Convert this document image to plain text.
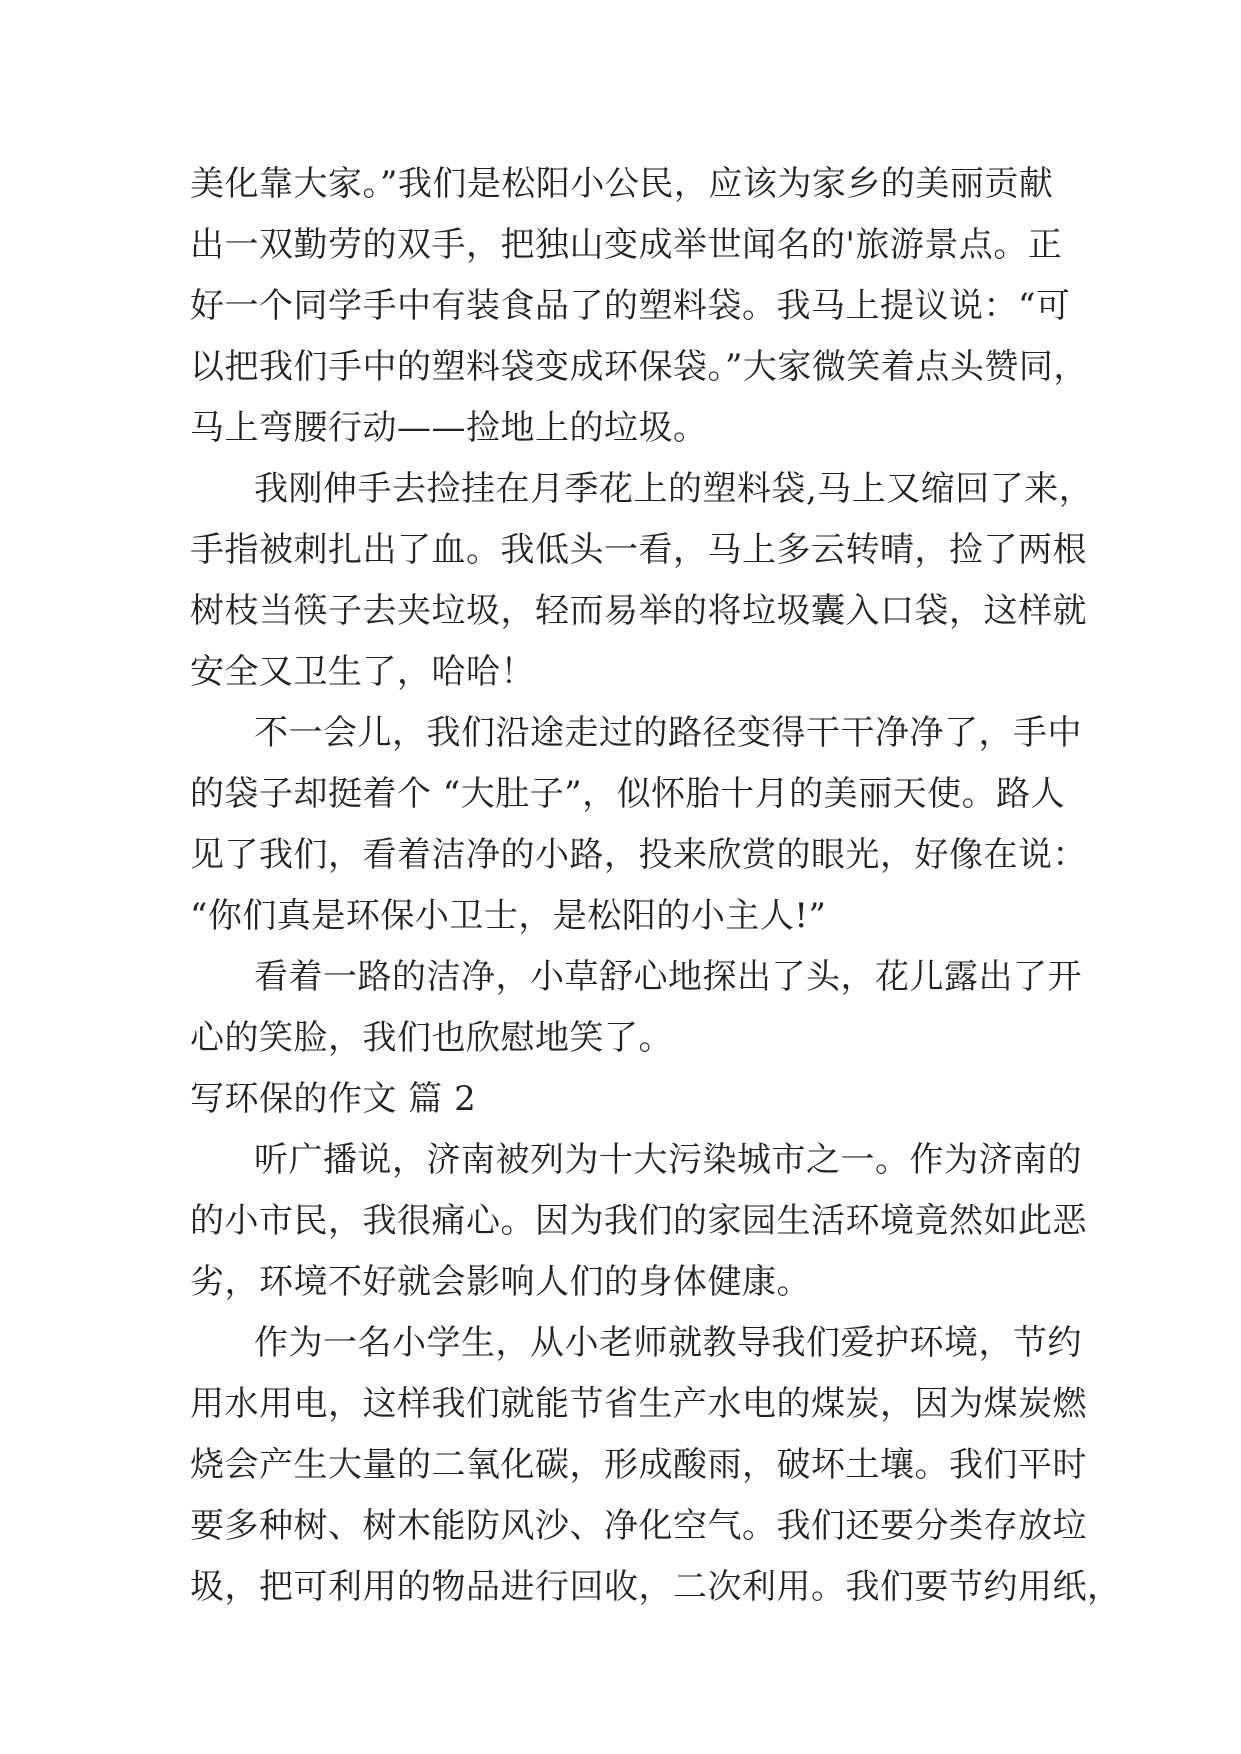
美化靠大家。”我们是松阳小公民，应该为家乡的美丽贡献
出一双勤劳的双手，把独山变成举世闻名的'旅游景点。正
好一个同学手中有装食品了的塑料袋。我马上提议说：“可
以把我们手中的塑料袋变成环保袋。”大家微笑着点头赞同，
马上弯腰行动——捡地上的垃圾。
我刚伸手去捡挂在月季花上的塑料袋,马上又缩回了来，
手指被刺扎出了血。我低头一看，马上多云转晴，捡了两根
树枝当筷子去夹垃圾，轻而易举的将垃圾囊入口袋，这样就
安全又卫生了，哈哈！
不一会儿，我们沿途走过的路径变得干干净净了，手中
的袋子却挺着个 “大肚子”，似怀胎十月的美丽天使。路人
见了我们，看着洁净的小路，投来欣赏的眼光，好像在说：
“你们真是环保小卫士，是松阳的小主人!”
看着一路的洁净，小草舒心地探出了头，花儿露出了开
心的笑脸，我们也欣慰地笑了。
写环保的作文 篇 2
听广播说，济南被列为十大污染城市之一。作为济南的
的小市民，我很痛心。因为我们的家园生活环境竟然如此恶
劣，环境不好就会影响人们的身体健康。
作为一名小学生，从小老师就教导我们爱护环境，节约
用水用电，这样我们就能节省生产水电的煤炭，因为煤炭燃
烧会产生大量的二氧化碳，形成酸雨，破坏土壤。我们平时
要多种树、树木能防风沙、净化空气。我们还要分类存放垃
圾，把可利用的物品进行回收，二次利用。我们要节约用纸，
